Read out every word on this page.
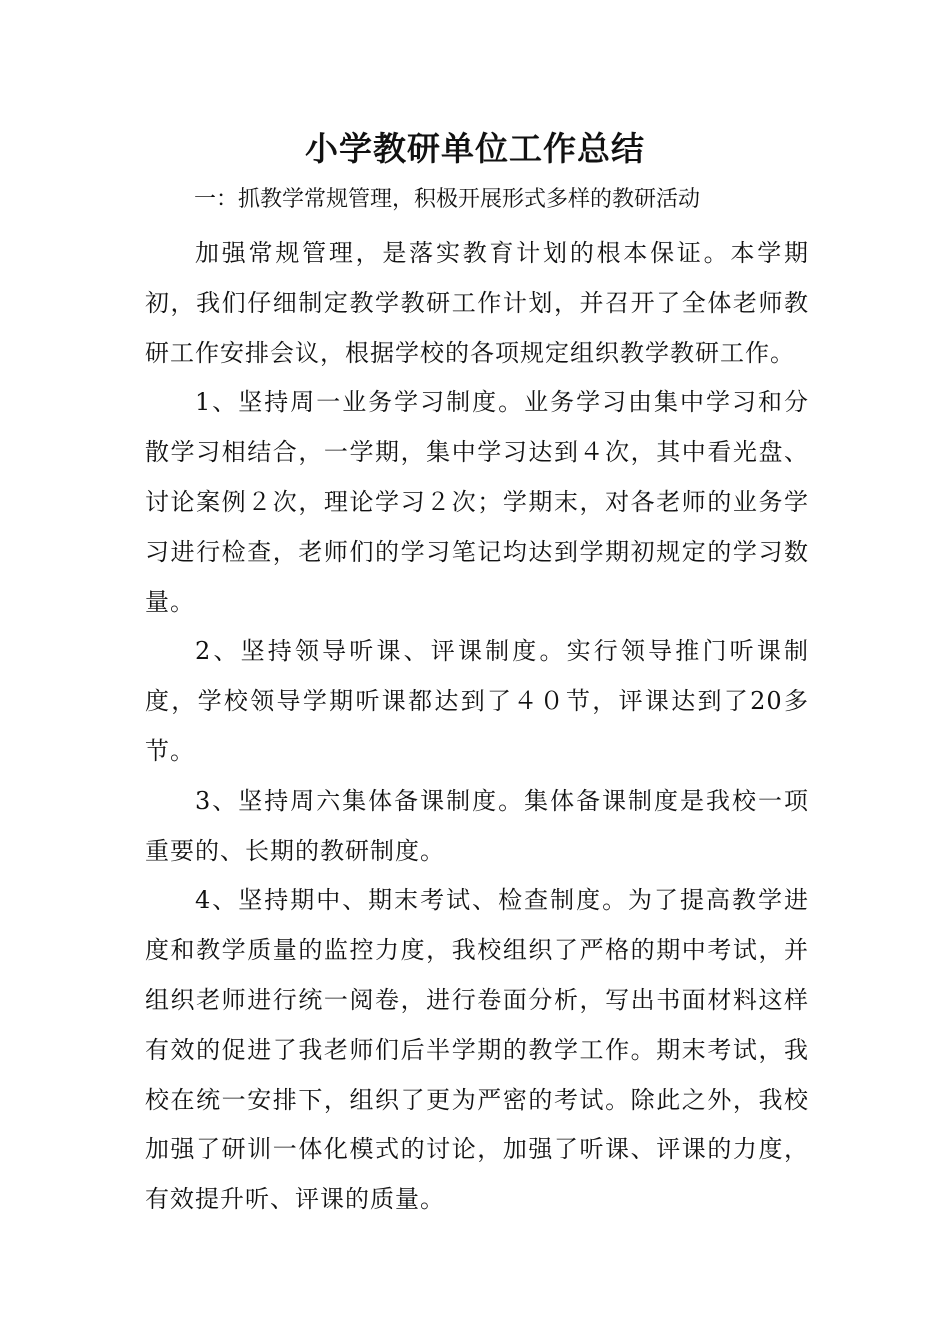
小学教研单位工作总结

一：抓教学常规管理，积极开展形式多样的教研活动

加强常规管理，是落实教育计划的根本保证。本学期初，我们仔细制定教学教研工作计划，并召开了全体老师教研工作安排会议，根据学校的各项规定组织教学教研工作。

1、坚持周一业务学习制度。业务学习由集中学习和分散学习相结合，一学期，集中学习达到４次，其中看光盘、讨论案例２次，理论学习２次；学期末，对各老师的业务学习进行检查，老师们的学习笔记均达到学期初规定的学习数量。

2、坚持领导听课、评课制度。实行领导推门听课制度，学校领导学期听课都达到了４０节，评课达到了20多节。

3、坚持周六集体备课制度。集体备课制度是我校一项重要的、长期的教研制度。

4、坚持期中、期末考试、检查制度。为了提高教学进度和教学质量的监控力度，我校组织了严格的期中考试，并组织老师进行统一阅卷，进行卷面分析，写出书面材料这样有效的促进了我老师们后半学期的教学工作。期末考试，我校在统一安排下，组织了更为严密的考试。除此之外，我校加强了研训一体化模式的讨论，加强了听课、评课的力度，有效提升听、评课的质量。
